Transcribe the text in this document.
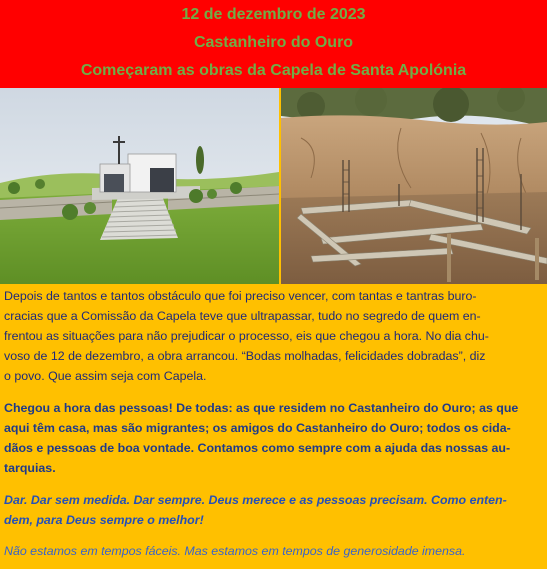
12 de dezembro de 2023
Castanheiro do Ouro
Começaram as obras da Capela de Santa Apolónia
Depois de tantos e tantos obstáculo que foi preciso vencer, com tantas e tantras buro-
cracias que a Comissão da Capela teve que ultrapassar, tudo no segredo de quem en-
frentou as situações para não prejudicar o processo, eis que chegou a hora. No dia chu-
voso de 12 de dezembro, a obra arrancou. “Bodas molhadas, felicidades dobradas”, diz
o povo. Que assim seja com Capela.
Chegou a hora das pessoas! De todas: as que residem no Castanheiro do Ouro; as que
aqui têm casa, mas são migrantes; os amigos do Castanheiro do Ouro; todos os cida-
dãos e pessoas de boa vontade. Contamos como sempre com a ajuda das nossas au-
tarquias.
Dar. Dar sem medida. Dar sempre. Deus merece e as pessoas precisam. Como enten-
dem, para Deus sempre o melhor!
Não estamos em tempos fáceis. Mas estamos em tempos de generosidade imensa.
